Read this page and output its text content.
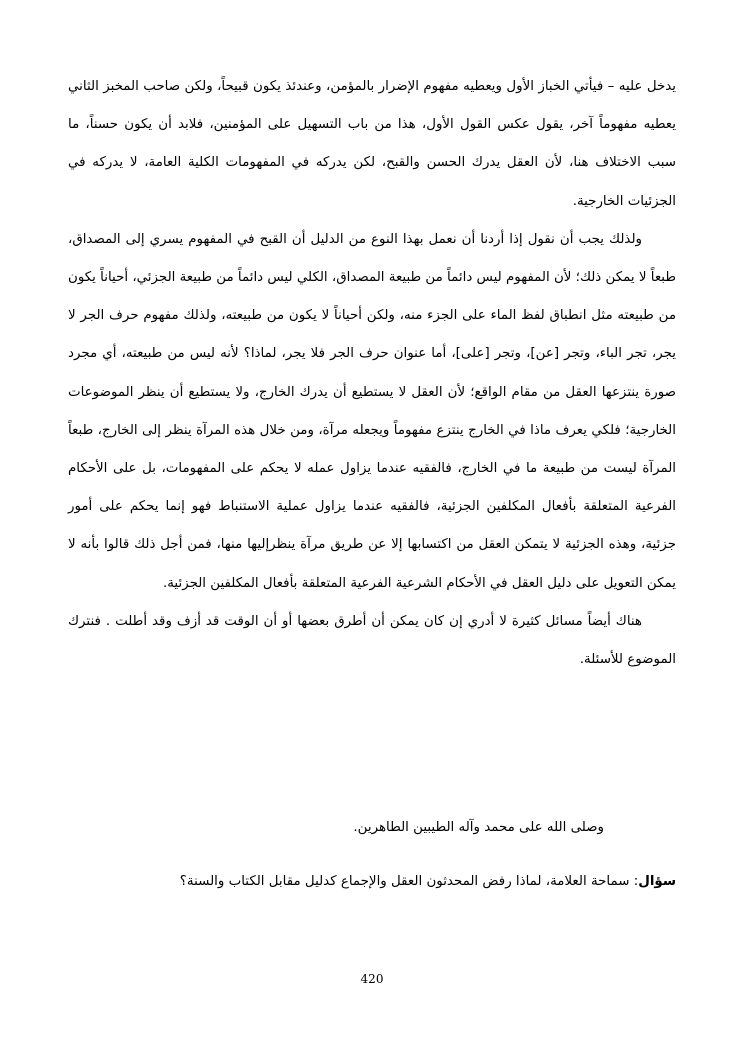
يدخل عليه – فيأتي الخباز الأول ويعطيه مفهوم الإضرار بالمؤمن، وعندئذ يكون قبيحاً، ولكن صاحب المخبز الثاني يعطيه مفهوماً آخر، يقول عكس القول الأول، هذا من باب التسهيل على المؤمنين، فلابد أن يكون حسناً، ما سبب الاختلاف هنا، لأن العقل يدرك الحسن والقبح، لكن يدركه في المفهومات الكلية العامة، لا يدركه في الجزئيات الخارجية.

ولذلك يجب أن نقول إذا أردنا أن نعمل بهذا النوع من الدليل أن القبح في المفهوم يسري إلى المصداق، طبعاً لا يمكن ذلك؛ لأن المفهوم ليس دائماً من طبيعة المصداق، الكلي ليس دائماً من طبيعة الجزئي، أحياناً يكون من طبيعته مثل انطباق لفظ الماء على الجزء منه، ولكن أحياناً لا يكون من طبيعته، ولذلك مفهوم حرف الجر لا يجر، تجر الباء، وتجر [عن]، وتجر [على]، أما عنوان حرف الجر فلا يجر، لماذا؟ لأنه ليس من طبيعته، أي مجرد صورة ينتزعها العقل من مقام الواقع؛ لأن العقل لا يستطيع أن يدرك الخارج، ولا يستطيع أن ينظر الموضوعات الخارجية؛ فلكي يعرف ماذا في الخارج ينتزع مفهوماً ويجعله مرآة، ومن خلال هذه المرآة ينظر إلى الخارج، طبعاً المرآة ليست من طبيعة ما في الخارج، فالفقيه عندما يزاول عمله لا يحكم على المفهومات، بل على الأحكام الفرعية المتعلقة بأفعال المكلفين الجزئية، فالفقيه عندما يزاول عملية الاستنباط فهو إنما يحكم على أمور جزئية، وهذه الجزئية لا يتمكن العقل من اكتسابها إلا عن طريق مرآة ينظرإليها منها، فمن أجل ذلك قالوا بأنه لا يمكن التعويل على دليل العقل في الأحكام الشرعية الفرعية المتعلقة بأفعال المكلفين الجزئية.

هناك أيضاً مسائل كثيرة لا أدري إن كان يمكن أن أطرق بعضها أو أن الوقت قد أزف وقد أطلت . فنترك الموضوع للأسئلة.

وصلى الله على محمد وآله الطيبين الطاهرين.
سؤال: سماحة العلامة، لماذا رفض المحدثون العقل والإجماع كدليل مقابل الكتاب والسنة؟
420
